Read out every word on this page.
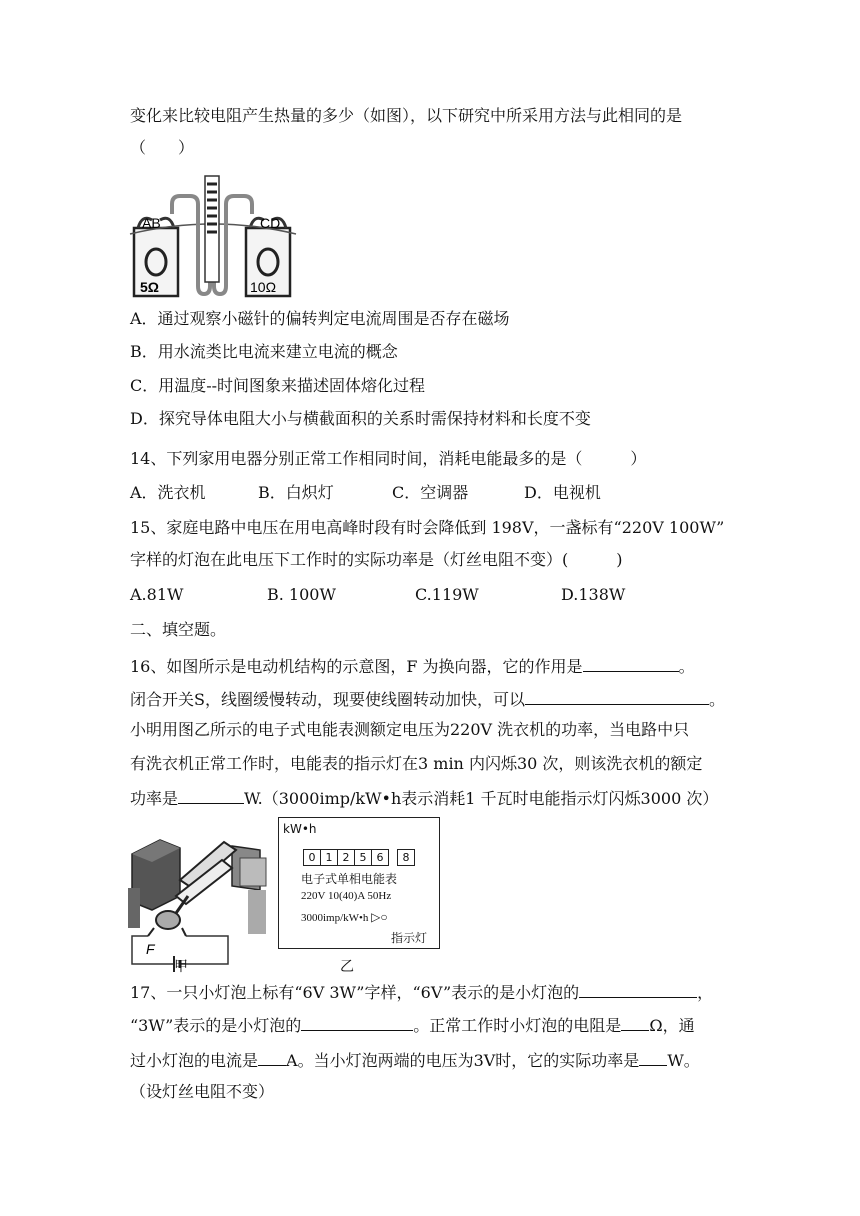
变化来比较电阻产生热量的多少（如图），以下研究中所采用方法与此相同的是
（　　）
AB	CD
5Ω	10Ω
A．通过观察小磁针的偏转判定电流周围是否存在磁场
B．用水流类比电流来建立电流的概念
C．用温度--时间图象来描述固体熔化过程
D．探究导体电阻大小与横截面积的关系时需保持材料和长度不变
14、下列家用电器分别正常工作相同时间，消耗电能最多的是（　　　）
A．洗衣机	B．白炽灯	C．空调器	D．电视机
15、家庭电路中电压在用电高峰时段有时会降低到 198V，一盏标有“220V 100W”
字样的灯泡在此电压下工作时的实际功率是（灯丝电阻不变）(　　　)
A.81W	B. 100W	C.119W	D.138W
二、填空题。
16、如图所示是电动机结构的示意图，F 为换向器，它的作用是	。
闭合开关S，线圈缓慢转动，现要使线圈转动加快，可以	。
小明用图乙所示的电子式电能表测额定电压为220V 洗衣机的功率，当电路中只
有洗衣机正常工作时，电能表的指示灯在3 min 内闪烁30 次，则该洗衣机的额定
功率是	W.（3000imp/kW•h表示消耗1 千瓦时电能指示灯闪烁3000 次）
F
甲
kW•h
0 1 2 5 6	8
电子式单相电能表
220V 10(40)A 50Hz
3000imp/kW•h ▷○
指示灯
乙
17、一只小灯泡上标有“6V 3W”字样，“6V”表示的是小灯泡的	，
“3W”表示的是小灯泡的	。正常工作时小灯泡的电阻是 Ω，通
过小灯泡的电流是 A。当小灯泡两端的电压为3V时，它的实际功率是 W。
（设灯丝电阻不变）
